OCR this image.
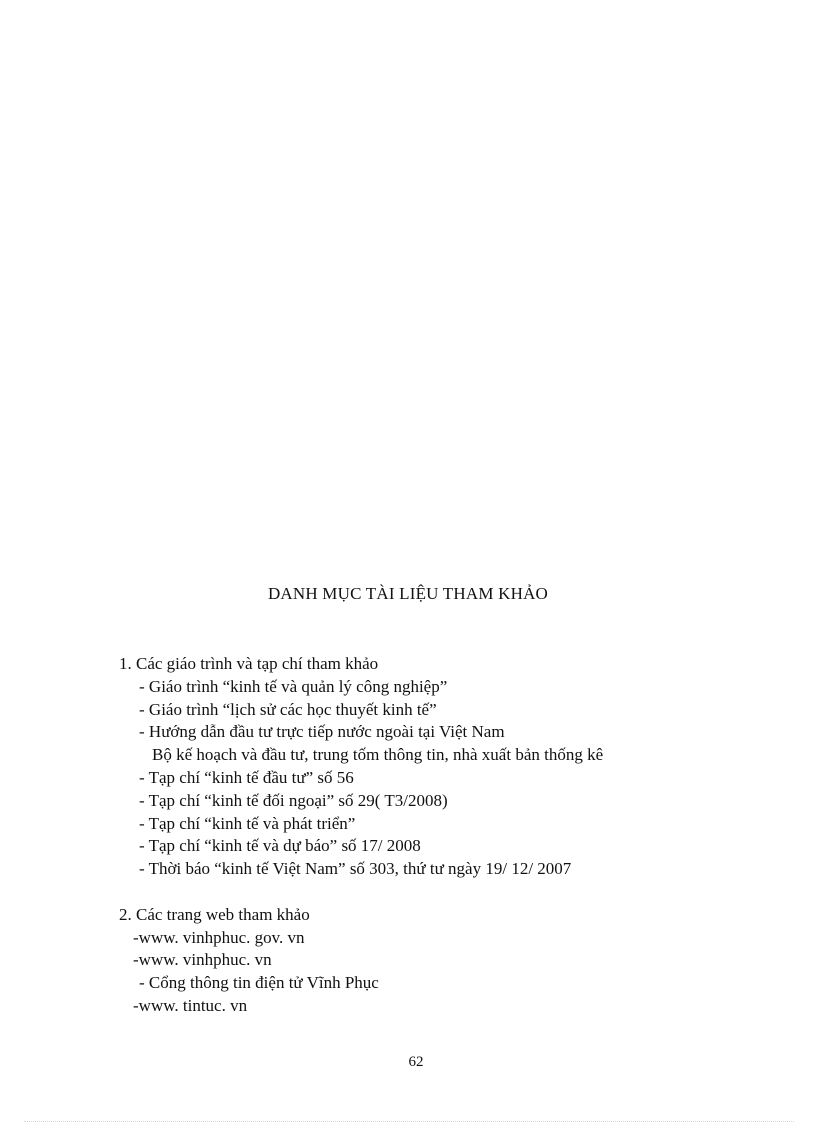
DANH MỤC TÀI LIỆU THAM KHẢO
1. Các giáo trình và tạp chí tham khảo
- Giáo trình “kinh tế và quản lý công nghiệp”
- Giáo trình “lịch sử các học thuyết kinh tế”
- Hướng dẫn đầu tư trực tiếp nước ngoài tại Việt Nam
Bộ kế hoạch và đầu tư, trung tốm thông tin, nhà xuất bản thống kê
- Tạp chí “kinh tế đầu tư” số 56
- Tạp chí “kinh tế đối ngoại” số 29( T3/2008)
- Tạp chí “kinh tế và phát triển”
- Tạp chí “kinh tế và dự báo” số 17/ 2008
- Thời báo “kinh tế Việt Nam” số 303, thứ tư ngày 19/ 12/ 2007
2. Các trang web tham khảo
-www. vinhphuc. gov. vn
-www. vinhphuc. vn
- Cổng thông tin điện tử Vĩnh Phục
-www. tintuc. vn
62
